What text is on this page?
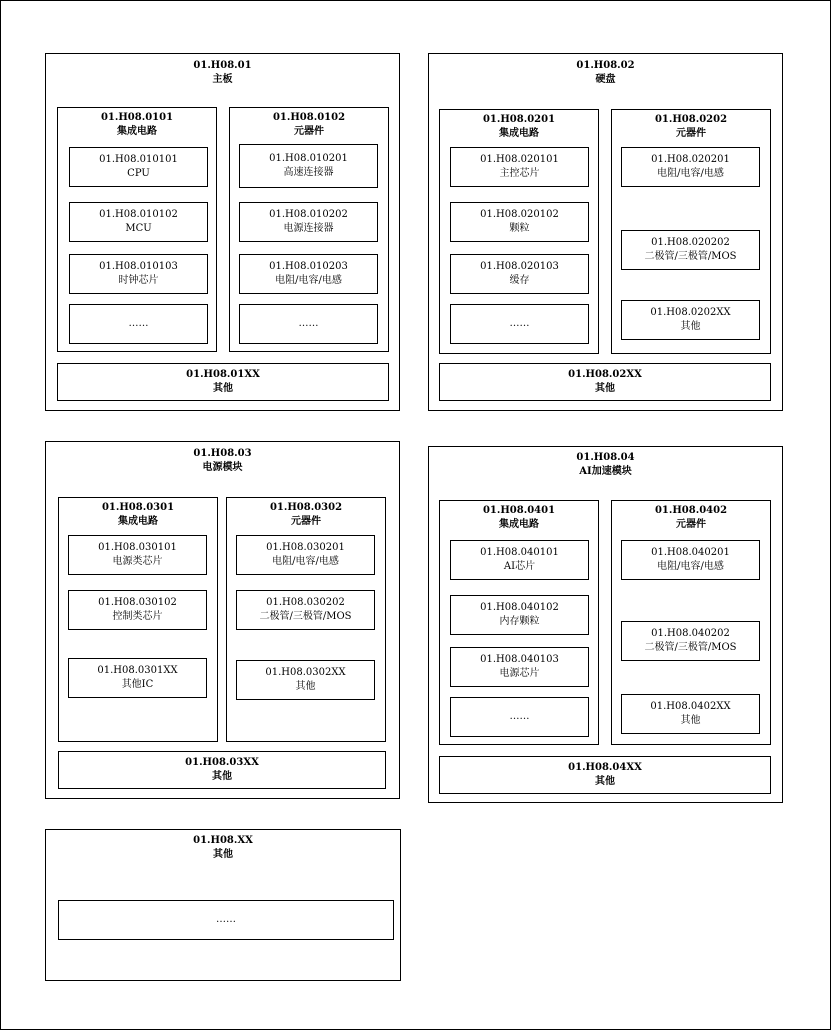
01.H08.01
主板
01.H08.0101
集成电路
01.H08.010101
CPU
01.H08.010102
MCU
01.H08.010103
时钟芯片
……
01.H08.0102
元器件
01.H08.010201
高速连接器
01.H08.010202
电源连接器
01.H08.010203
电阻/电容/电感
……
01.H08.01XX
其他
01.H08.02
硬盘
01.H08.0201
集成电路
01.H08.020101
主控芯片
01.H08.020102
颗粒
01.H08.020103
缓存
……
01.H08.0202
元器件
01.H08.020201
电阻/电容/电感
01.H08.020202
二极管/三极管/MOS
01.H08.0202XX
其他
01.H08.02XX
其他
01.H08.03
电源模块
01.H08.0301
集成电路
01.H08.030101
电源类芯片
01.H08.030102
控制类芯片
01.H08.0301XX
其他IC
01.H08.0302
元器件
01.H08.030201
电阻/电容/电感
01.H08.030202
二极管/三极管/MOS
01.H08.0302XX
其他
01.H08.03XX
其他
01.H08.04
AI加速模块
01.H08.0401
集成电路
01.H08.040101
AI芯片
01.H08.040102
内存颗粒
01.H08.040103
电源芯片
……
01.H08.0402
元器件
01.H08.040201
电阻/电容/电感
01.H08.040202
二极管/三极管/MOS
01.H08.0402XX
其他
01.H08.04XX
其他
01.H08.XX
其他
……
